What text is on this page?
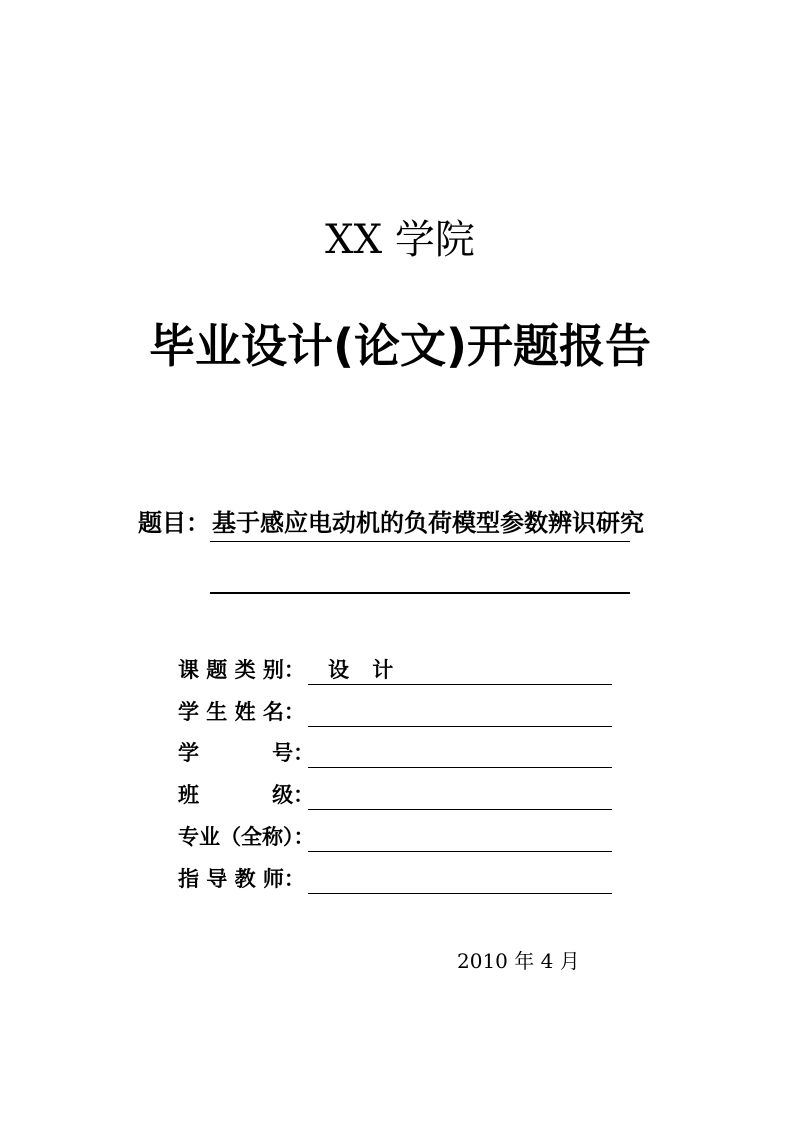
XX 学院
毕业设计(论文)开题报告
题目： 基于感应电动机的负荷模型参数辨识研究
课 题 类 别： 设 计
学 生 姓 名：
学          号：
班          级：
专业（全称）：
指 导 教 师：
2010 年 4 月
